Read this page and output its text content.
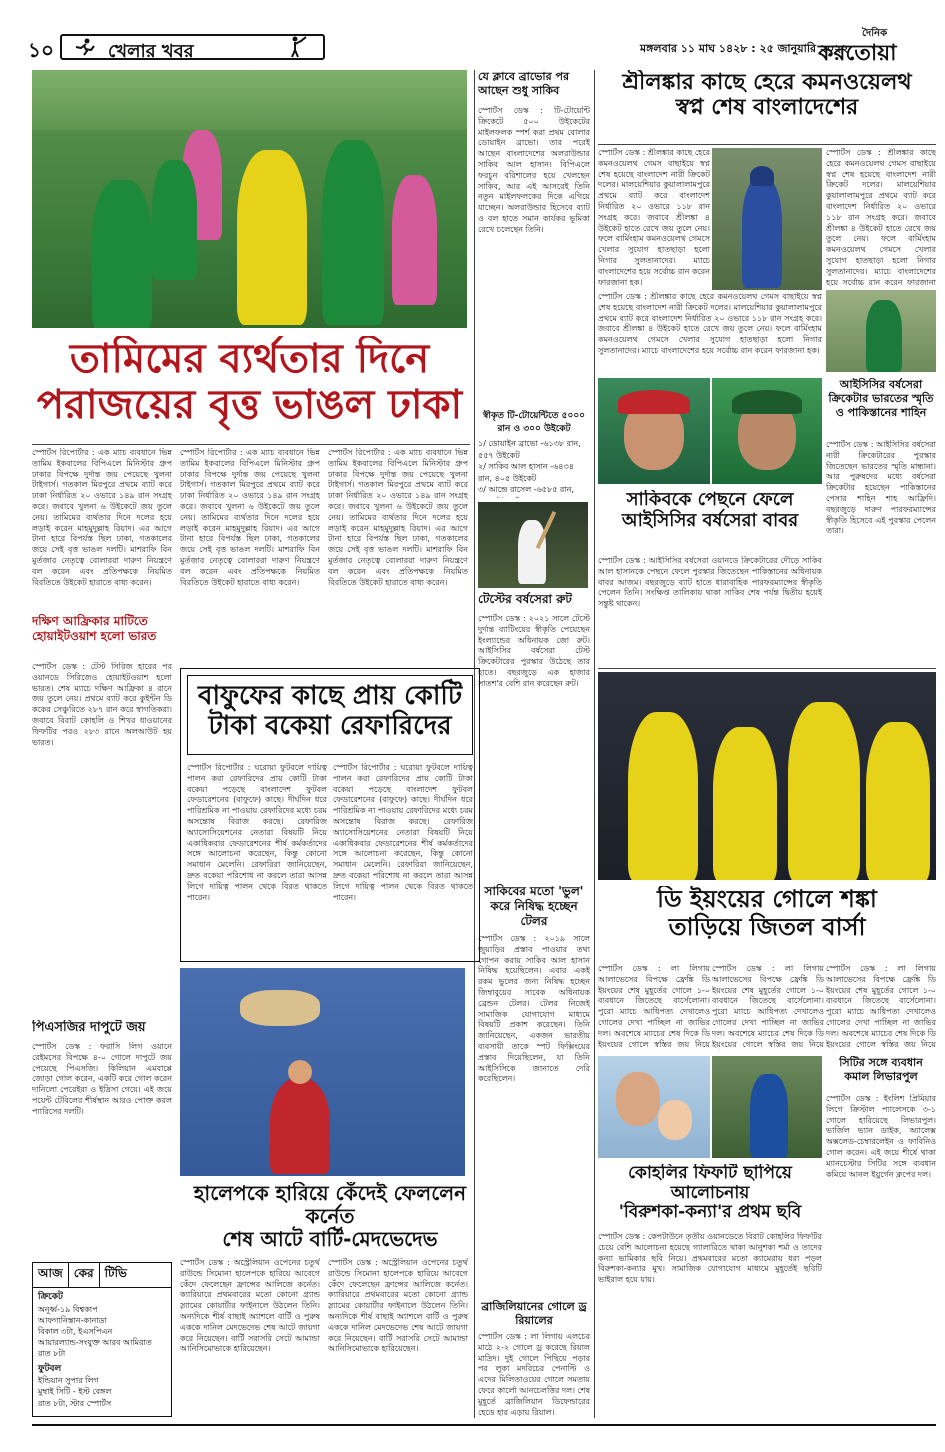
১০	খেলার খবর	মঙ্গলবার ১১ মাঘ ১৪২৮ : ২৫ জানুয়ারি ২০২২
দৈনিক
করতোয়া
তামিমের ব্যর্থতার দিনে
পরাজয়ের বৃত্ত ভাঙল ঢাকা
স্পোর্টস রিপোর্টার : এক ম্যাচ ব্যবধানে ভিন্ন তামিম ইকবালের বিপিএলে মিনিস্টার গ্রুপ ঢাকার বিপক্ষে দুর্দান্ত জয় পেয়েছে খুলনা টাইগার্স। গতকাল মিরপুরে প্রথমে ব্যাট করে ঢাকা নির্ধারিত ২০ ওভারে ১৪৯ রান সংগ্রহ করে। জবাবে খুলনা ৬ উইকেটে জয় তুলে নেয়। তামিমের ব্যর্থতার দিনে দলের হয়ে লড়াই করেন মাহমুদুল্লাহ রিয়াদ। এর আগে টানা হারে বিপর্যস্ত ছিল ঢাকা, গতকালের জয়ে সেই বৃত্ত ভাঙল দলটি। মাশরাফি বিন মুর্তজার নেতৃত্বে বোলাররা দারুণ নিয়ন্ত্রণে বল করেন এবং প্রতিপক্ষকে নিয়মিত বিরতিতে উইকেট হারাতে বাধ্য করেন।
স্পোর্টস রিপোর্টার : এক ম্যাচ ব্যবধানে ভিন্ন তামিম ইকবালের বিপিএলে মিনিস্টার গ্রুপ ঢাকার বিপক্ষে দুর্দান্ত জয় পেয়েছে খুলনা টাইগার্স। গতকাল মিরপুরে প্রথমে ব্যাট করে ঢাকা নির্ধারিত ২০ ওভারে ১৪৯ রান সংগ্রহ করে। জবাবে খুলনা ৬ উইকেটে জয় তুলে নেয়। তামিমের ব্যর্থতার দিনে দলের হয়ে লড়াই করেন মাহমুদুল্লাহ রিয়াদ। এর আগে টানা হারে বিপর্যস্ত ছিল ঢাকা, গতকালের জয়ে সেই বৃত্ত ভাঙল দলটি। মাশরাফি বিন মুর্তজার নেতৃত্বে বোলাররা দারুণ নিয়ন্ত্রণে বল করেন এবং প্রতিপক্ষকে নিয়মিত বিরতিতে উইকেট হারাতে বাধ্য করেন।
স্পোর্টস রিপোর্টার : এক ম্যাচ ব্যবধানে ভিন্ন তামিম ইকবালের বিপিএলে মিনিস্টার গ্রুপ ঢাকার বিপক্ষে দুর্দান্ত জয় পেয়েছে খুলনা টাইগার্স। গতকাল মিরপুরে প্রথমে ব্যাট করে ঢাকা নির্ধারিত ২০ ওভারে ১৪৯ রান সংগ্রহ করে। জবাবে খুলনা ৬ উইকেটে জয় তুলে নেয়। তামিমের ব্যর্থতার দিনে দলের হয়ে লড়াই করেন মাহমুদুল্লাহ রিয়াদ। এর আগে টানা হারে বিপর্যস্ত ছিল ঢাকা, গতকালের জয়ে সেই বৃত্ত ভাঙল দলটি। মাশরাফি বিন মুর্তজার নেতৃত্বে বোলাররা দারুণ নিয়ন্ত্রণে বল করেন এবং প্রতিপক্ষকে নিয়মিত বিরতিতে উইকেট হারাতে বাধ্য করেন।
দক্ষিণ আফ্রিকার মাটিতে হোয়াইটওয়াশ হলো ভারত
স্পোর্টস ডেস্ক : টেস্ট সিরিজ হারের পর ওয়ানডে সিরিজেও হোয়াইটওয়াশ হলো ভারত। শেষ ম্যাচে দক্ষিণ আফ্রিকা ৪ রানে জয় তুলে নেয়। প্রথমে ব্যাট করে কুইন্টন ডি ককের সেঞ্চুরিতে ২৮৭ রান করে স্বাগতিকরা। জবাবে বিরাট কোহলি ও শিখর ধাওয়ানের ফিফটির পরও ২৮৩ রানে অলআউট হয় ভারত।
পিএসজির দাপুটে জয়
স্পোর্টস ডেস্ক : ফরাসি লিগ ওয়ানে রেইমসের বিপক্ষে ৪-০ গোলে দাপুটে জয় পেয়েছে পিএসজি। কিলিয়ান এমবাপ্পে জোড়া গোল করেন, একটি করে গোল করেন দানিলো পেরেইরা ও ইদ্রিসা গেয়ে। এই জয়ে পয়েন্ট টেবিলের শীর্ষস্থান আরও পোক্ত করল প্যারিসের দলটি।
আজ কের টিভি
ক্রিকেট
অনূর্ধ্ব-১৯ বিশ্বকাপ
আফগানিস্তান-কানাডা
বিকাল ৩টা, ইএসপিএন
আয়ারল্যান্ড-সংযুক্ত আরব আমিরাত
রাত ৮টা
ফুটবল
ইন্ডিয়ান সুপার লিগ
মুম্বাই সিটি - ইস্ট বেঙ্গল
রাত ৮টা, স্টার স্পোর্টস
বাফুফের কাছে প্রায় কোটি
টাকা বকেয়া রেফারিদের
স্পোর্টস রিপোর্টার : ঘরোয়া ফুটবলে দায়িত্ব পালন করা রেফারিদের প্রায় কোটি টাকা বকেয়া পড়েছে বাংলাদেশ ফুটবল ফেডারেশনের (বাফুফে) কাছে। দীর্ঘদিন ধরে পারিশ্রমিক না পাওয়ায় রেফারিদের মধ্যে চরম অসন্তোষ বিরাজ করছে। রেফারিজ অ্যাসোসিয়েশনের নেতারা বিষয়টি নিয়ে একাধিকবার ফেডারেশনের শীর্ষ কর্মকর্তাদের সঙ্গে আলোচনা করেছেন, কিন্তু কোনো সমাধান মেলেনি। রেফারিরা জানিয়েছেন, দ্রুত বকেয়া পরিশোধ না করলে তারা আসন্ন লিগে দায়িত্ব পালন থেকে বিরত থাকতে পারেন।
স্পোর্টস রিপোর্টার : ঘরোয়া ফুটবলে দায়িত্ব পালন করা রেফারিদের প্রায় কোটি টাকা বকেয়া পড়েছে বাংলাদেশ ফুটবল ফেডারেশনের (বাফুফে) কাছে। দীর্ঘদিন ধরে পারিশ্রমিক না পাওয়ায় রেফারিদের মধ্যে চরম অসন্তোষ বিরাজ করছে। রেফারিজ অ্যাসোসিয়েশনের নেতারা বিষয়টি নিয়ে একাধিকবার ফেডারেশনের শীর্ষ কর্মকর্তাদের সঙ্গে আলোচনা করেছেন, কিন্তু কোনো সমাধান মেলেনি। রেফারিরা জানিয়েছেন, দ্রুত বকেয়া পরিশোধ না করলে তারা আসন্ন লিগে দায়িত্ব পালন থেকে বিরত থাকতে পারেন।
হালেপকে হারিয়ে কেঁদেই ফেললেন কর্নেত
শেষ আটে বার্টি-মেদভেদেভ
স্পোর্টস ডেস্ক : অস্ট্রেলিয়ান ওপেনের চতুর্থ রাউন্ডে সিমোনা হালেপকে হারিয়ে আবেগে কেঁদে ফেলেছেন ফ্রান্সের আলিজে কর্নেত। ক্যারিয়ারে প্রথমবারের মতো কোনো গ্র্যান্ড স্ল্যামের কোয়ার্টার ফাইনালে উঠলেন তিনি। অন্যদিকে শীর্ষ বাছাই অ্যাশলে বার্টি ও পুরুষ এককে দানিল মেদভেদেভ শেষ আটে জায়গা করে নিয়েছেন। বার্টি সরাসরি সেটে আমান্ডা আনিসিমোভাকে হারিয়েছেন।
স্পোর্টস ডেস্ক : অস্ট্রেলিয়ান ওপেনের চতুর্থ রাউন্ডে সিমোনা হালেপকে হারিয়ে আবেগে কেঁদে ফেলেছেন ফ্রান্সের আলিজে কর্নেত। ক্যারিয়ারে প্রথমবারের মতো কোনো গ্র্যান্ড স্ল্যামের কোয়ার্টার ফাইনালে উঠলেন তিনি। অন্যদিকে শীর্ষ বাছাই অ্যাশলে বার্টি ও পুরুষ এককে দানিল মেদভেদেভ শেষ আটে জায়গা করে নিয়েছেন। বার্টি সরাসরি সেটে আমান্ডা আনিসিমোভাকে হারিয়েছেন।
যে ক্লাবে ব্রাভোর পর আছেন শুধু সাকিব
স্পোর্টস ডেস্ক : টি-টোয়েন্টি ক্রিকেটে ৫০০ উইকেটের মাইলফলক স্পর্শ করা প্রথম বোলার ডোয়াইন ব্রাভো। তার পরেই আছেন বাংলাদেশের অলরাউন্ডার সাকিব আল হাসান। বিপিএলে ফরচুন বরিশালের হয়ে খেলছেন সাকিব, আর এই আসরেই তিনি নতুন মাইলফলকের দিকে এগিয়ে যাচ্ছেন। অলরাউন্ডার হিসেবে ব্যাট ও বল হাতে সমান কার্যকর ভূমিকা রেখে চলেছেন তিনি।
স্বীকৃত টি-টোয়েন্টিতে ৫০০০ রান ও ৩০০ উইকেট
১/ ডোয়াইন ব্রাভো -৬১৩৮ রান, ৫৫৭ উইকেট
২/ সাকিব আল হাসান -৬৪৩৪ রান, ৪০৫ উইকেট
৩/ আন্দ্রে রাসেল -৬৫৮৫ রান,
টেস্টের বর্ষসেরা রুট
স্পোর্টস ডেস্ক : ২০২১ সালে টেস্টে দুর্দান্ত ব্যাটিংয়ের স্বীকৃতি পেয়েছেন ইংল্যান্ডের অধিনায়ক জো রুট। আইসিসির বর্ষসেরা টেস্ট ক্রিকেটারের পুরস্কার উঠেছে তার হাতে। বছরজুড়ে এক হাজার সাতশ'র বেশি রান করেছেন রুট।
সাকিবের মতো 'ভুল' করে নিষিদ্ধ হচ্ছেন টেলর
স্পোর্টস ডেস্ক : ২০১৯ সালে জুয়াড়ির প্রস্তাব পাওয়ার তথ্য গোপন করায় সাকিব আল হাসান নিষিদ্ধ হয়েছিলেন। এবার একই রকম ভুলের জন্য নিষিদ্ধ হচ্ছেন জিম্বাবুয়ের সাবেক অধিনায়ক ব্রেন্ডন টেলর। টেলর নিজেই সামাজিক যোগাযোগ মাধ্যমে বিষয়টি প্রকাশ করেছেন। তিনি জানিয়েছেন, একজন ভারতীয় ব্যবসায়ী তাকে স্পট ফিক্সিংয়ের প্রস্তাব দিয়েছিলেন, যা তিনি আইসিসিকে জানাতে দেরি করেছিলেন।
ব্রাজিলিয়ানের গোলে ড্র রিয়ালের
স্পোর্টস ডেস্ক : লা লিগায় এলচের মাঠে ২-২ গোলে ড্র করেছে রিয়াল মাদ্রিদ। দুই গোলে পিছিয়ে পড়ার পর লুকা মদরিচের পেনাল্টি ও এদের মিলিতাওয়ের গোলে সমতায় ফেরে কার্লো আনচেলত্তির দল। শেষ মুহূর্তে ব্রাজিলিয়ান ডিফেন্ডারের হেডে হার এড়ায় রিয়াল।
শ্রীলঙ্কার কাছে হেরে কমনওয়েলথ
স্বপ্ন শেষ বাংলাদেশের
স্পোর্টস ডেস্ক : শ্রীলঙ্কার কাছে হেরে কমনওয়েলথ গেমস বাছাইয়ে স্বপ্ন শেষ হয়েছে বাংলাদেশ নারী ক্রিকেট দলের। মালয়েশিয়ার কুয়ালালামপুরে প্রথমে ব্যাট করে বাংলাদেশ নির্ধারিত ২০ ওভারে ১১৮ রান সংগ্রহ করে। জবাবে শ্রীলঙ্কা ৪ উইকেট হাতে রেখে জয় তুলে নেয়। ফলে বার্মিংহাম কমনওয়েলথ গেমসে খেলার সুযোগ হাতছাড়া হলো নিগার সুলতানাদের। ম্যাচে বাংলাদেশের হয়ে সর্বোচ্চ রান করেন ফারজানা হক।
স্পোর্টস ডেস্ক : শ্রীলঙ্কার কাছে হেরে কমনওয়েলথ গেমস বাছাইয়ে স্বপ্ন শেষ হয়েছে বাংলাদেশ নারী ক্রিকেট দলের। মালয়েশিয়ার কুয়ালালামপুরে প্রথমে ব্যাট করে বাংলাদেশ নির্ধারিত ২০ ওভারে ১১৮ রান সংগ্রহ করে। জবাবে শ্রীলঙ্কা ৪ উইকেট হাতে রেখে জয় তুলে নেয়। ফলে বার্মিংহাম কমনওয়েলথ গেমসে খেলার সুযোগ হাতছাড়া হলো নিগার সুলতানাদের। ম্যাচে বাংলাদেশের হয়ে সর্বোচ্চ রান করেন ফারজানা
স্পোর্টস ডেস্ক : শ্রীলঙ্কার কাছে হেরে কমনওয়েলথ গেমস বাছাইয়ে স্বপ্ন শেষ হয়েছে বাংলাদেশ নারী ক্রিকেট দলের। মালয়েশিয়ার কুয়ালালামপুরে প্রথমে ব্যাট করে বাংলাদেশ নির্ধারিত ২০ ওভারে ১১৮ রান সংগ্রহ করে। জবাবে শ্রীলঙ্কা ৪ উইকেট হাতে রেখে জয় তুলে নেয়। ফলে বার্মিংহাম কমনওয়েলথ গেমসে খেলার সুযোগ হাতছাড়া হলো নিগার সুলতানাদের। ম্যাচে বাংলাদেশের হয়ে সর্বোচ্চ রান করেন ফারজানা হক।
আইসিসির বর্ষসেরা ক্রিকেটার ভারতের স্মৃতি ও পাকিস্তানের শাহিন
স্পোর্টস ডেস্ক : আইসিসির বর্ষসেরা নারী ক্রিকেটারের পুরস্কার জিতেছেন ভারতের স্মৃতি মান্ধানা। আর পুরুষদের মধ্যে বর্ষসেরা ক্রিকেটার হয়েছেন পাকিস্তানের পেসার শাহিন শাহ আফ্রিদি। বছরজুড়ে দারুণ পারফরম্যান্সের স্বীকৃতি হিসেবে এই পুরস্কার পেলেন তারা।
সাকিবকে পেছনে ফেলে
আইসিসির বর্ষসেরা বাবর
স্পোর্টস ডেস্ক : আইসিসির বর্ষসেরা ওয়ানডে ক্রিকেটারের দৌড়ে সাকিব আল হাসানকে পেছনে ফেলে পুরস্কার জিতেছেন পাকিস্তানের অধিনায়ক বাবর আজম। বছরজুড়ে ব্যাট হাতে ধারাবাহিক পারফরম্যান্সের স্বীকৃতি পেলেন তিনি। সংক্ষিপ্ত তালিকায় থাকা সাকিব শেষ পর্যন্ত দ্বিতীয় হয়েই সন্তুষ্ট থাকেন।
ডি ইয়ংয়ের গোলে শঙ্কা
তাড়িয়ে জিতল বার্সা
স্পোর্টস ডেস্ক : লা লিগায় আলাভেসের বিপক্ষে ফ্রেঙ্কি ডি ইয়ংয়ের শেষ মুহূর্তের গোলে ১-০ ব্যবধানে জিতেছে বার্সেলোনা। পুরো ম্যাচে আধিপত্য দেখালেও গোলের দেখা পাচ্ছিল না জাভির দল। অবশেষে ম্যাচের শেষ দিকে ডি ইয়ংয়ের গোলে স্বস্তির জয় নিয়ে
স্পোর্টস ডেস্ক : লা লিগায় আলাভেসের বিপক্ষে ফ্রেঙ্কি ডি ইয়ংয়ের শেষ মুহূর্তের গোলে ১-০ ব্যবধানে জিতেছে বার্সেলোনা। পুরো ম্যাচে আধিপত্য দেখালেও গোলের দেখা পাচ্ছিল না জাভির দল। অবশেষে ম্যাচের শেষ দিকে ডি ইয়ংয়ের গোলে স্বস্তির জয় নিয়ে
স্পোর্টস ডেস্ক : লা লিগায় আলাভেসের বিপক্ষে ফ্রেঙ্কি ডি ইয়ংয়ের শেষ মুহূর্তের গোলে ১-০ ব্যবধানে জিতেছে বার্সেলোনা। পুরো ম্যাচে আধিপত্য দেখালেও গোলের দেখা পাচ্ছিল না জাভির দল। অবশেষে ম্যাচের শেষ দিকে ডি ইয়ংয়ের গোলে স্বস্তির জয় নিয়ে
সিটির সঙ্গে ব্যবধান কমাল লিভারপুল
স্পোর্টস ডেস্ক : ইংলিশ প্রিমিয়ার লিগে ক্রিস্টাল প্যালেসকে ৩-১ গোলে হারিয়েছে লিভারপুল। ভার্জিল ভ্যান ডাইক, অ্যালেক্স অক্সলেড-চেম্বারলেইন ও ফাবিনিও গোল করেন। এই জয়ে শীর্ষে থাকা ম্যানচেস্টার সিটির সঙ্গে ব্যবধান কমিয়ে আনল ইয়ুর্গেন ক্লপের দল।
কোহলির ফিফটি ছাপিয়ে আলোচনায়
'বিরুশকা-কন্যা'র প্রথম ছবি
স্পোর্টস ডেস্ক : কেপটাউনে তৃতীয় ওয়ানডেতে বিরাট কোহলির ফিফটির চেয়ে বেশি আলোচনা হয়েছে গ্যালারিতে থাকা আনুশকা শর্মা ও তাদের কন্যা ভামিকার ছবি নিয়ে। প্রথমবারের মতো ক্যামেরায় ধরা পড়ল বিরুশকা-কন্যার মুখ। সামাজিক যোগাযোগ মাধ্যমে মুহূর্তেই ছবিটি ভাইরাল হয়ে যায়।
